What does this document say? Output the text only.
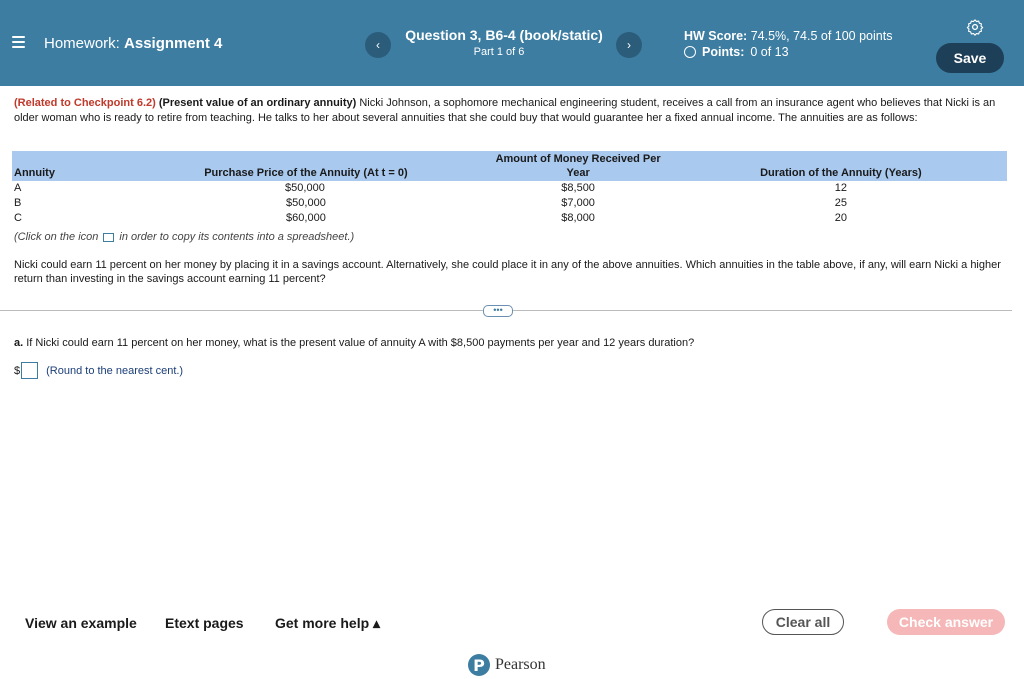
Homework: Assignment 4	‹
Question 3, B6-4 (book/static)
Part 1 of 6	›
HW Score: 74.5%, 74.5 of 100 points
Points: 0 of 13	Save
(Related to Checkpoint 6.2) (Present value of an ordinary annuity) Nicki Johnson, a sophomore mechanical engineering student, receives a call from an insurance agent who believes that Nicki is an older woman who is ready to retire from teaching. He talks to her about several annuities that she could buy that would guarantee her a fixed annual income. The annuities are as follows:
Annuity	Purchase Price of the Annuity (At t = 0)	Amount of Money Received Per Year	Duration of the Annuity (Years)
A	$50,000	$8,500	12
B	$50,000	$7,000	25
C	$60,000	$8,000	20
(Click on the icon in order to copy its contents into a spreadsheet.)
Nicki could earn 11 percent on her money by placing it in a savings account. Alternatively, she could place it in any of the above annuities. Which annuities in the table above, if any, will earn Nicki a higher return than investing in the savings account earning 11 percent?
•••
a. If Nicki could earn 11 percent on her money, what is the present value of annuity A with $8,500 payments per year and 12 years duration?
$ (Round to the nearest cent.)
View an example Etext pages Get more help ▴	Clear all	Check answer
P Pearson
